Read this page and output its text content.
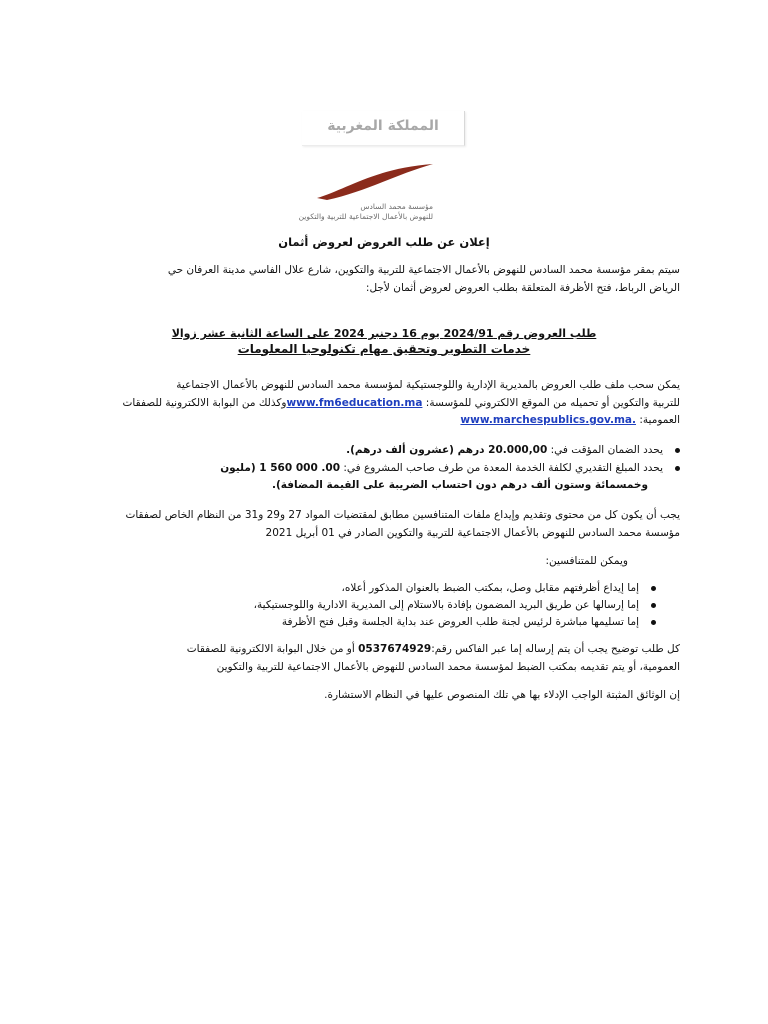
المملكة المغربية
مؤسسة محمد السادس
للنهوض بالأعمال الاجتماعية للتربية والتكوين
إعلان عن طلب العروض لعروض أثمان
سيتم بمقر مؤسسة محمد السادس للنهوض بالأعمال الاجتماعية للتربية والتكوين، شارع علال الفاسي مدينة العرفان حي
الرياض الرباط، فتح الأظرفة المتعلقة بطلب العروض لعروض أثمان لأجل:
طلب العروض رقم 2024/91 يوم 16 دجنبر 2024 على الساعة الثانية عشر زوالا
خدمات التطوير وتحقيق مهام تكنولوجيا المعلومات
يمكن سحب ملف طلب العروض بالمديرية الإدارية واللوجستيكية لمؤسسة محمد السادس للنهوض بالأعمال الاجتماعية
للتربية والتكوين أو تحميله من الموقع الالكتروني للمؤسسة: www.fm6education.maوكذلك من البوابة الالكترونية للصفقات
العمومية: www.marchespublics.gov.ma.
يحدد الضمان المؤقت في: 20.000,00 درهم (عشرون ألف درهم).
يحدد المبلغ التقديري لكلفة الخدمة المعدة من طرف صاحب المشروع في: 00. 000 560 1 (مليون
وخمسمائة وستون ألف درهم دون احتساب الضريبة على القيمة المضافة).
يجب أن يكون كل من محتوى وتقديم وإيداع ملفات المتنافسين مطابق لمقتضيات المواد 27 و29 و31 من النظام الخاص لصفقات
مؤسسة محمد السادس للنهوض بالأعمال الاجتماعية للتربية والتكوين الصادر في 01 أبريل 2021
ويمكن للمتنافسين:
إما إيداع أظرفتهم مقابل وصل، بمكتب الضبط بالعنوان المذكور أعلاه،
إما إرسالها عن طريق البريد المضمون بإفادة بالاستلام إلى المديرية الادارية واللوجستيكية،
إما تسليمها مباشرة لرئيس لجنة طلب العروض عند بداية الجلسة وقبل فتح الأظرفة
كل طلب توضيح يجب أن يتم إرساله إما عبر الفاكس رقم:0537674929 أو من خلال البوابة الالكترونية للصفقات
العمومية، أو يتم تقديمه بمكتب الضبط لمؤسسة محمد السادس للنهوض بالأعمال الاجتماعية للتربية والتكوين
إن الوثائق المثبتة الواجب الإدلاء بها هي تلك المنصوص عليها في النظام الاستشارة.
